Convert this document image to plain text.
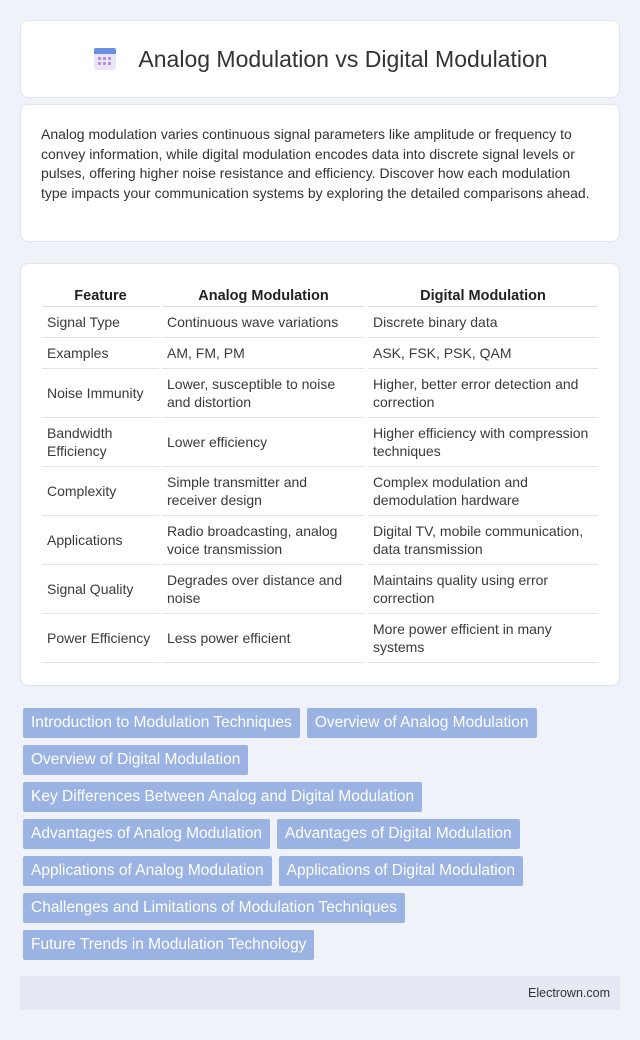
Analog Modulation vs Digital Modulation

Analog modulation varies continuous signal parameters like amplitude or frequency to convey information, while digital modulation encodes data into discrete signal levels or pulses, offering higher noise resistance and efficiency. Discover how each modulation type impacts your communication systems by exploring the detailed comparisons ahead.

Feature	Analog Modulation	Digital Modulation
Signal Type	Continuous wave variations	Discrete binary data
Examples	AM, FM, PM	ASK, FSK, PSK, QAM
Noise Immunity	Lower, susceptible to noise and distortion	Higher, better error detection and correction
Bandwidth Efficiency	Lower efficiency	Higher efficiency with compression techniques
Complexity	Simple transmitter and receiver design	Complex modulation and demodulation hardware
Applications	Radio broadcasting, analog voice transmission	Digital TV, mobile communication, data transmission
Signal Quality	Degrades over distance and noise	Maintains quality using error correction
Power Efficiency	Less power efficient	More power efficient in many systems
Introduction to Modulation Techniques	Overview of Analog Modulation
Overview of Digital Modulation
Key Differences Between Analog and Digital Modulation
Advantages of Analog Modulation	Advantages of Digital Modulation
Applications of Analog Modulation	Applications of Digital Modulation
Challenges and Limitations of Modulation Techniques
Future Trends in Modulation Technology
Electrown.com
